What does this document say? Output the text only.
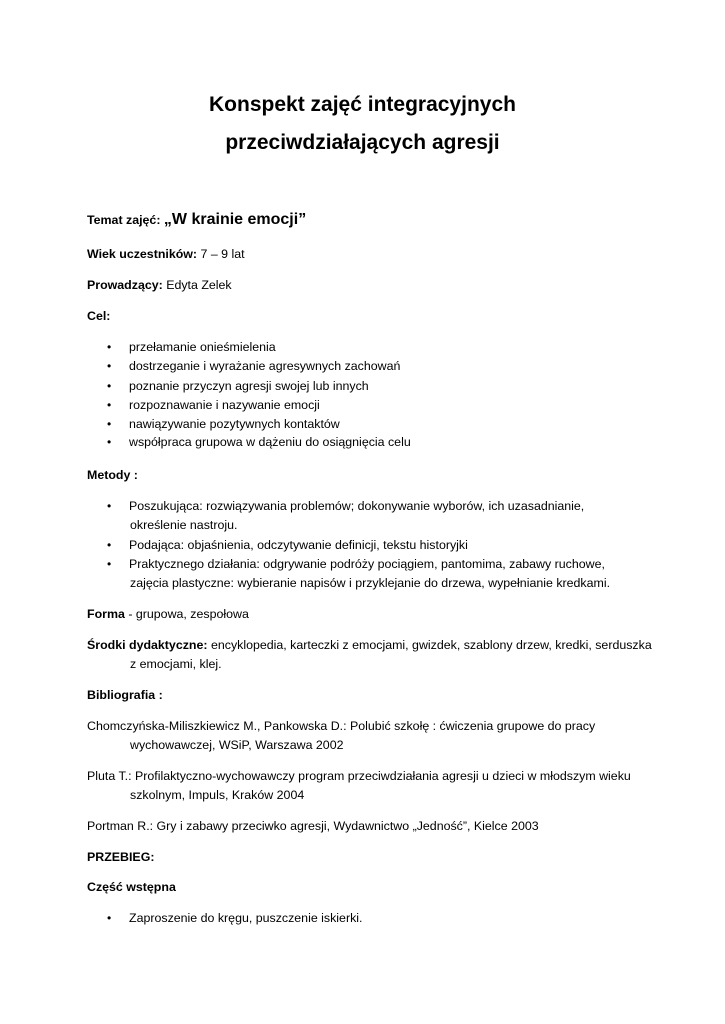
Konspekt zajęć integracyjnych
przeciwdziałających agresji
Temat zajęć: „W krainie emocji”
Wiek uczestników: 7 – 9 lat
Prowadzący: Edyta Zelek
Cel:
• przełamanie onieśmielenia
• dostrzeganie i wyrażanie agresywnych zachowań
• poznanie przyczyn agresji swojej lub innych
• rozpoznawanie i nazywanie emocji
• nawiązywanie pozytywnych kontaktów
• współpraca grupowa w dążeniu do osiągnięcia celu
Metody :
• Poszukująca: rozwiązywania problemów; dokonywanie wyborów, ich uzasadnianie,
określenie nastroju.
• Podająca: objaśnienia, odczytywanie definicji, tekstu historyjki
• Praktycznego działania: odgrywanie podróży pociągiem, pantomima, zabawy ruchowe,
zajęcia plastyczne: wybieranie napisów i przyklejanie do drzewa, wypełnianie kredkami.
Forma - grupowa, zespołowa
Środki dydaktyczne: encyklopedia, karteczki z emocjami, gwizdek, szablony drzew, kredki, serduszka
z emocjami, klej.
Bibliografia :
Chomczyńska-Miliszkiewicz M., Pankowska D.: Polubić szkołę : ćwiczenia grupowe do pracy
wychowawczej, WSiP, Warszawa 2002
Pluta T.: Profilaktyczno-wychowawczy program przeciwdziałania agresji u dzieci w młodszym wieku
szkolnym, Impuls, Kraków 2004
Portman R.: Gry i zabawy przeciwko agresji, Wydawnictwo „Jedność”, Kielce 2003
PRZEBIEG:
Część wstępna
• Zaproszenie do kręgu, puszczenie iskierki.
